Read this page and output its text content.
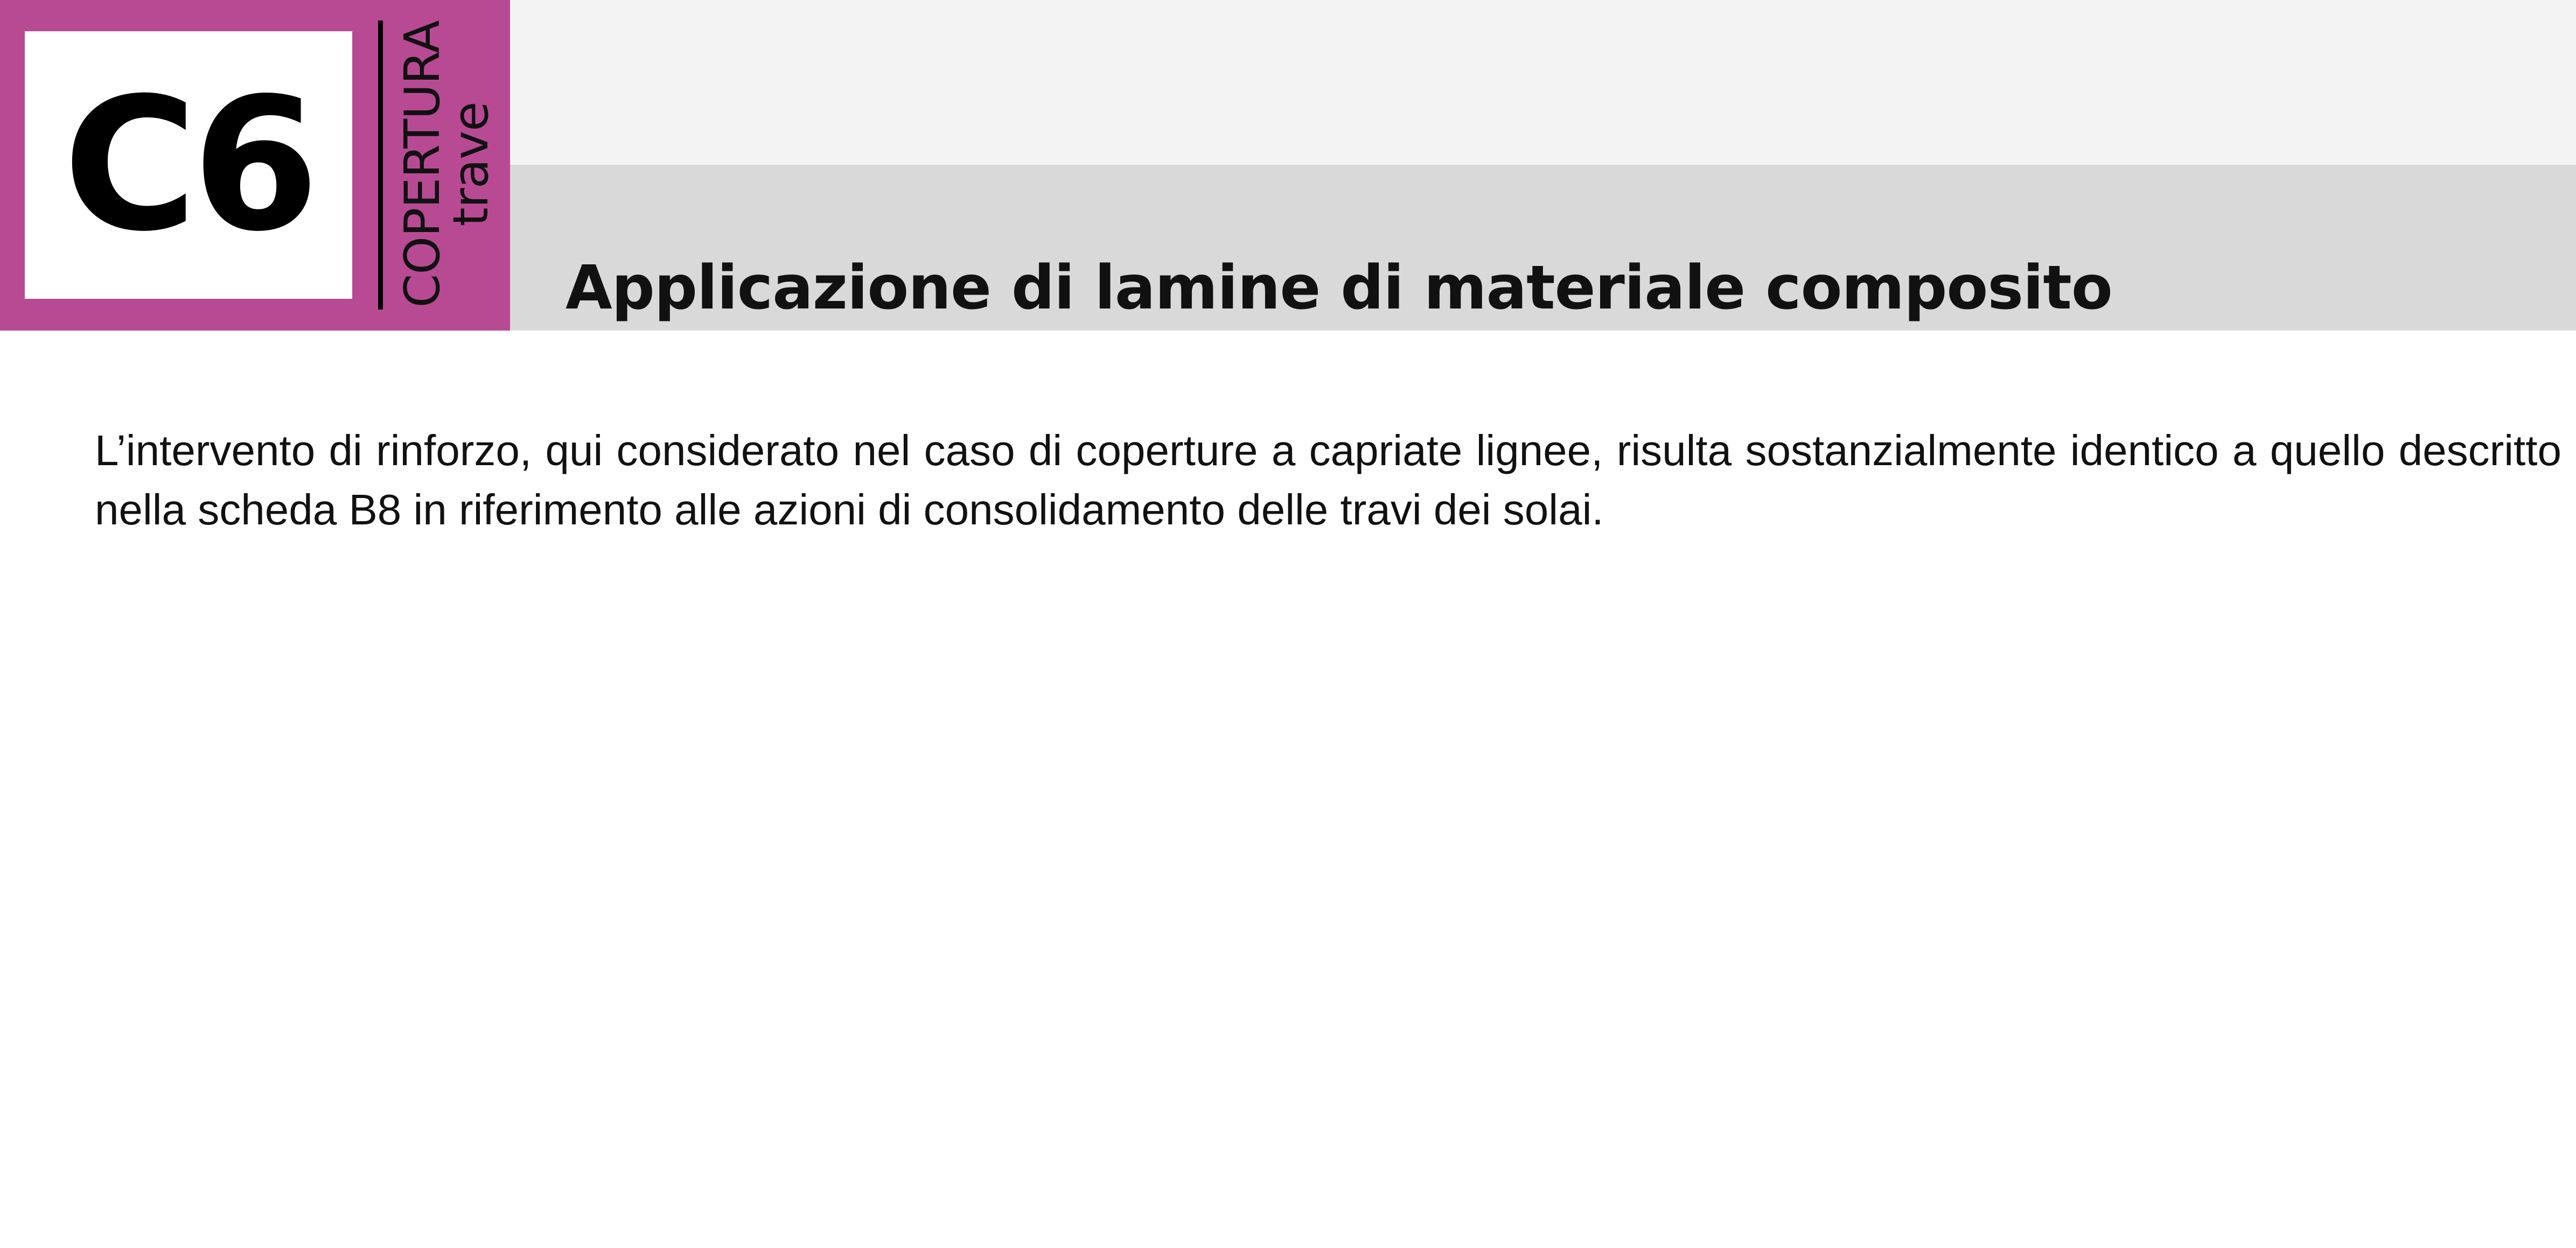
C6 COPERTURA
trave
Applicazione di lamine di materiale composito

L’intervento di rinforzo, qui considerato nel caso di coperture a capriate lignee, risulta sostanzialmente identico a quello descritto nella scheda B8 in riferimento alle azioni di consolidamento delle travi dei solai.
